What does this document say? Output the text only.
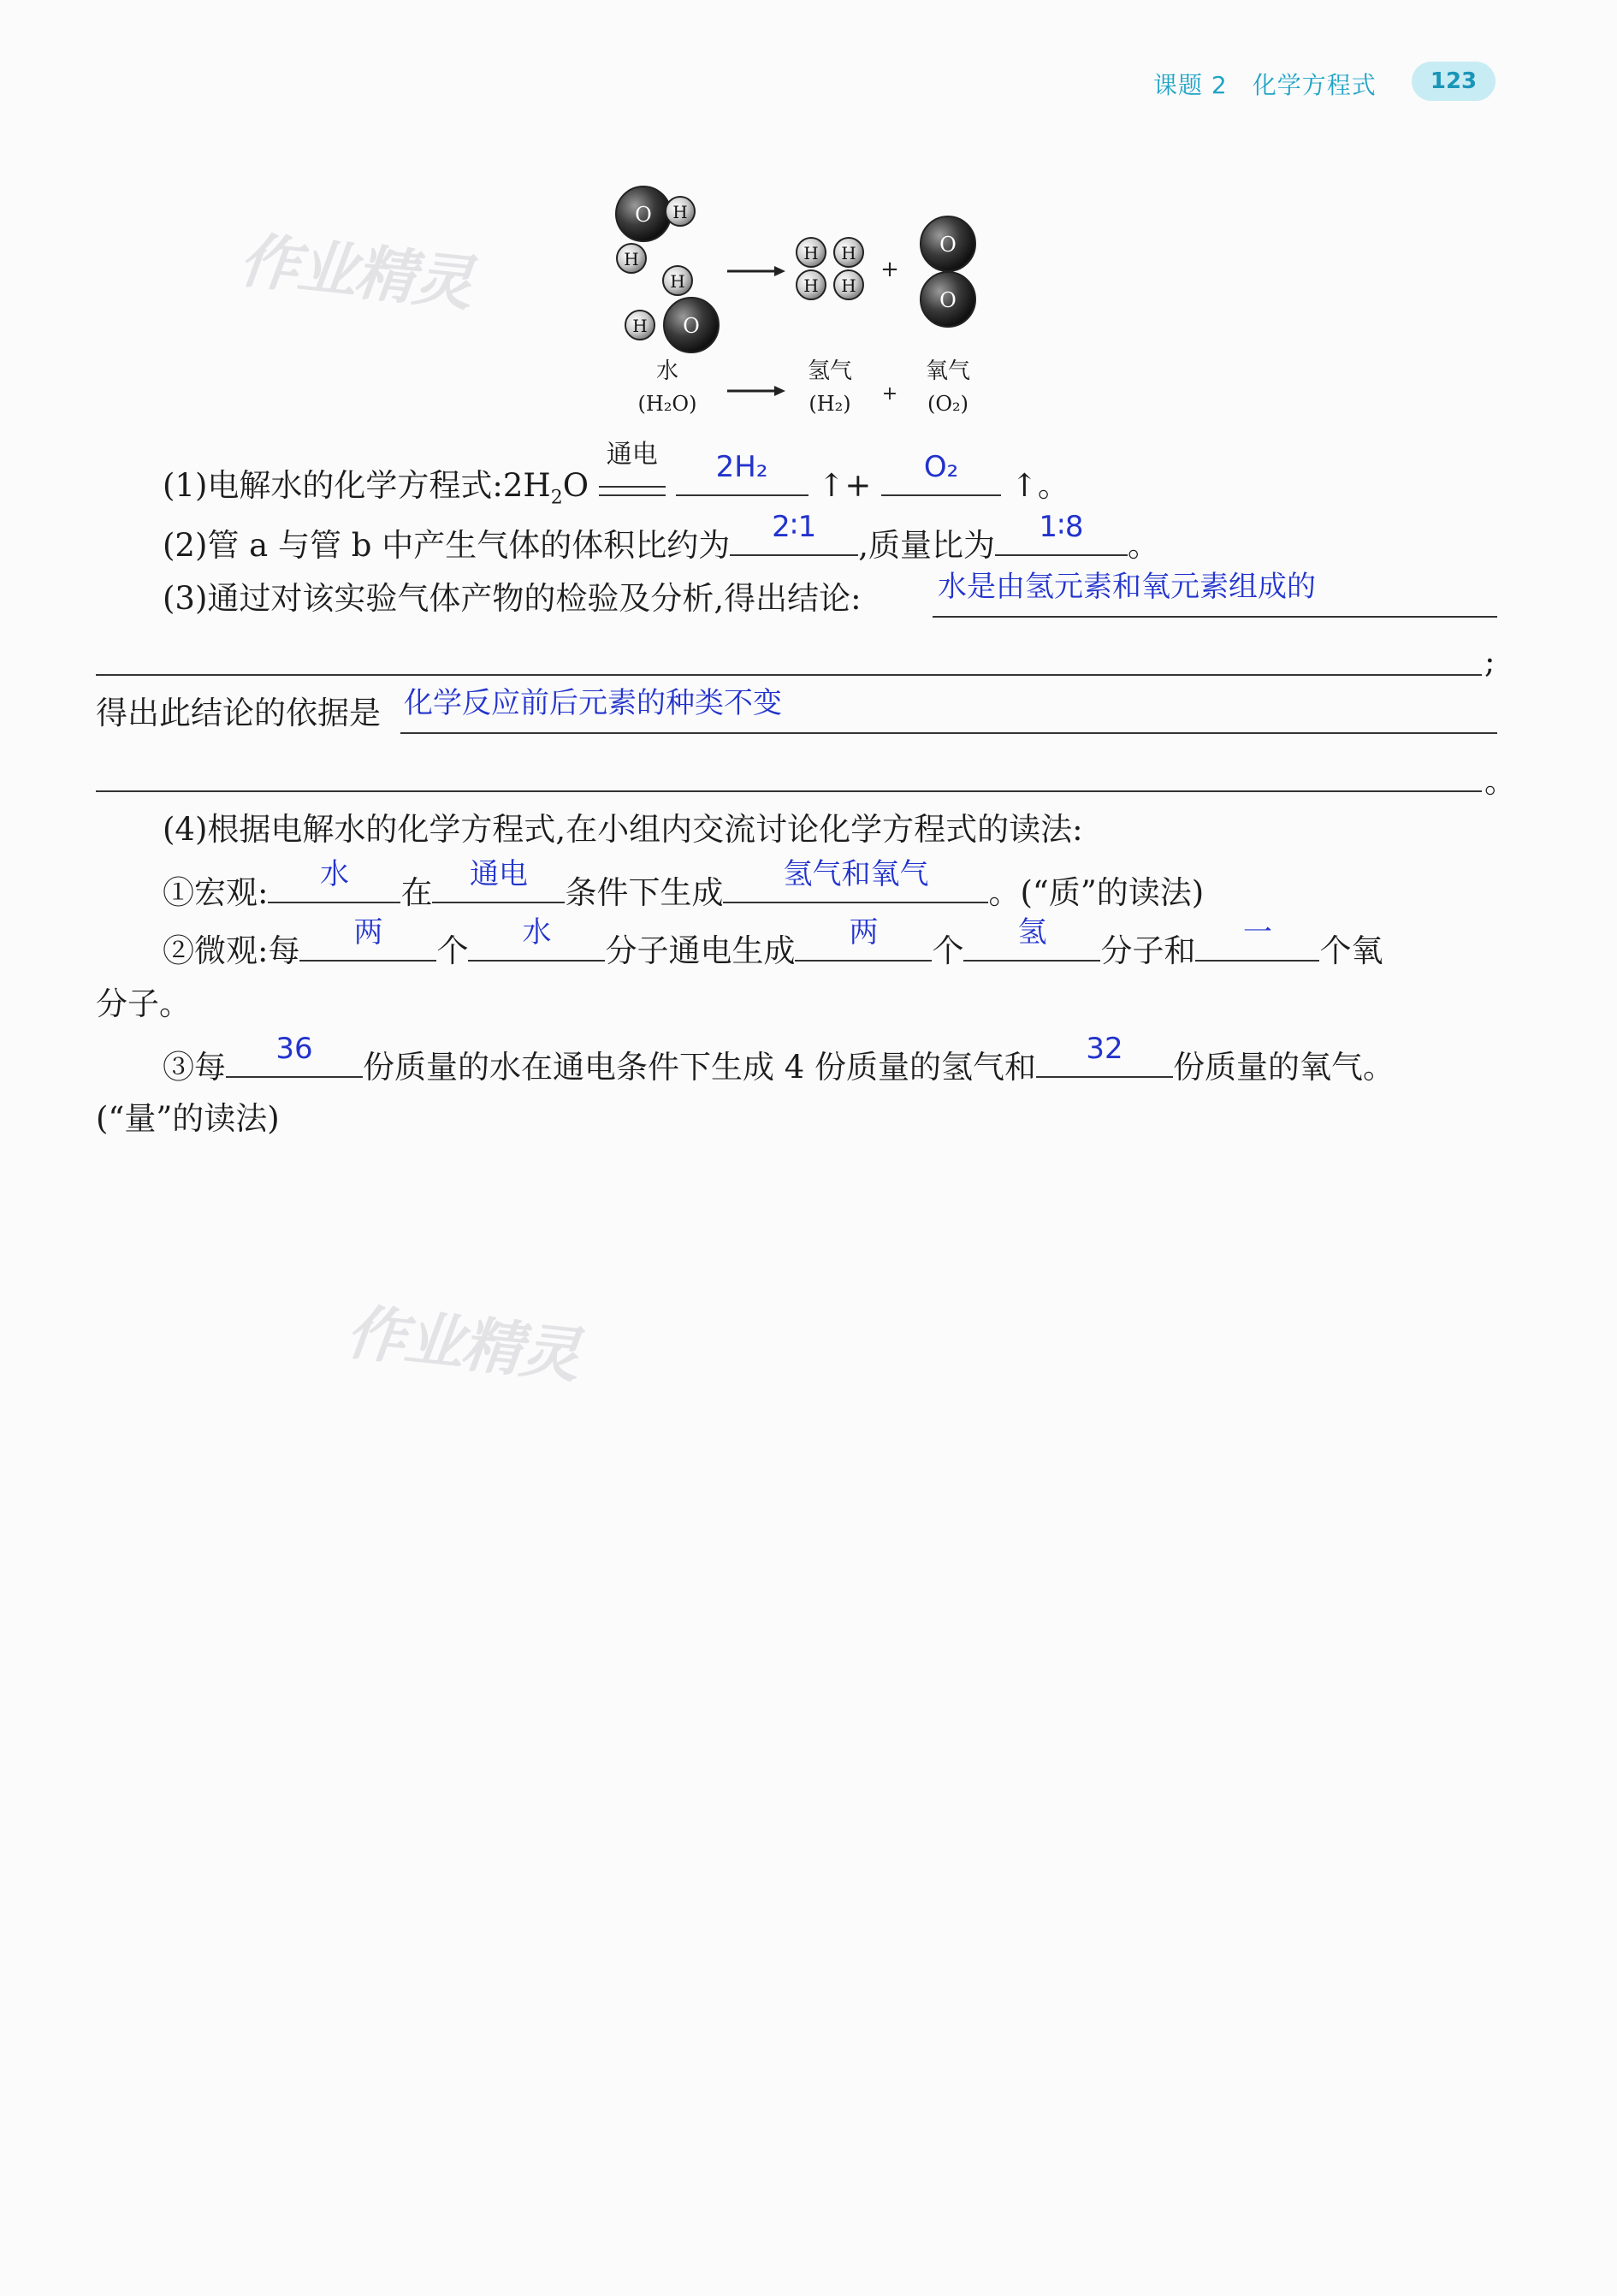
课题 2　化学方程式	123
作业精灵
作业精灵
O H
H
O
H
H
H
H
H
H
+
O
O
水
(H₂O)
氢气
(H₂) +
氧气
(O₂)
(1)电解水的化学方程式$:2H_2O$
通电
	2H₂	↑+	O₂	↑。
(2)管 a 与管 b 中产生气体的体积比约为	2∶1	,质量比为	1∶8	。
(3)通过对该实验气体产物的检验及分析,得出结论:	水是由氢元素和氧元素组成的
;
得出此结论的依据是 化学反应前后元素的种类不变
。
(4)根据电解水的化学方程式,在小组内交流讨论化学方程式的读法:
①宏观:	水	在	通电	条件下生成	氢气和氧气	。(“质”的读法)
②微观:每	两	个	水	分子通电生成	两	个	氢	分子和	一	个氧
分子。
③每	36	份质量的水在通电条件下生成 4 份质量的氢气和	32	份质量的氧气。
(“量”的读法)
